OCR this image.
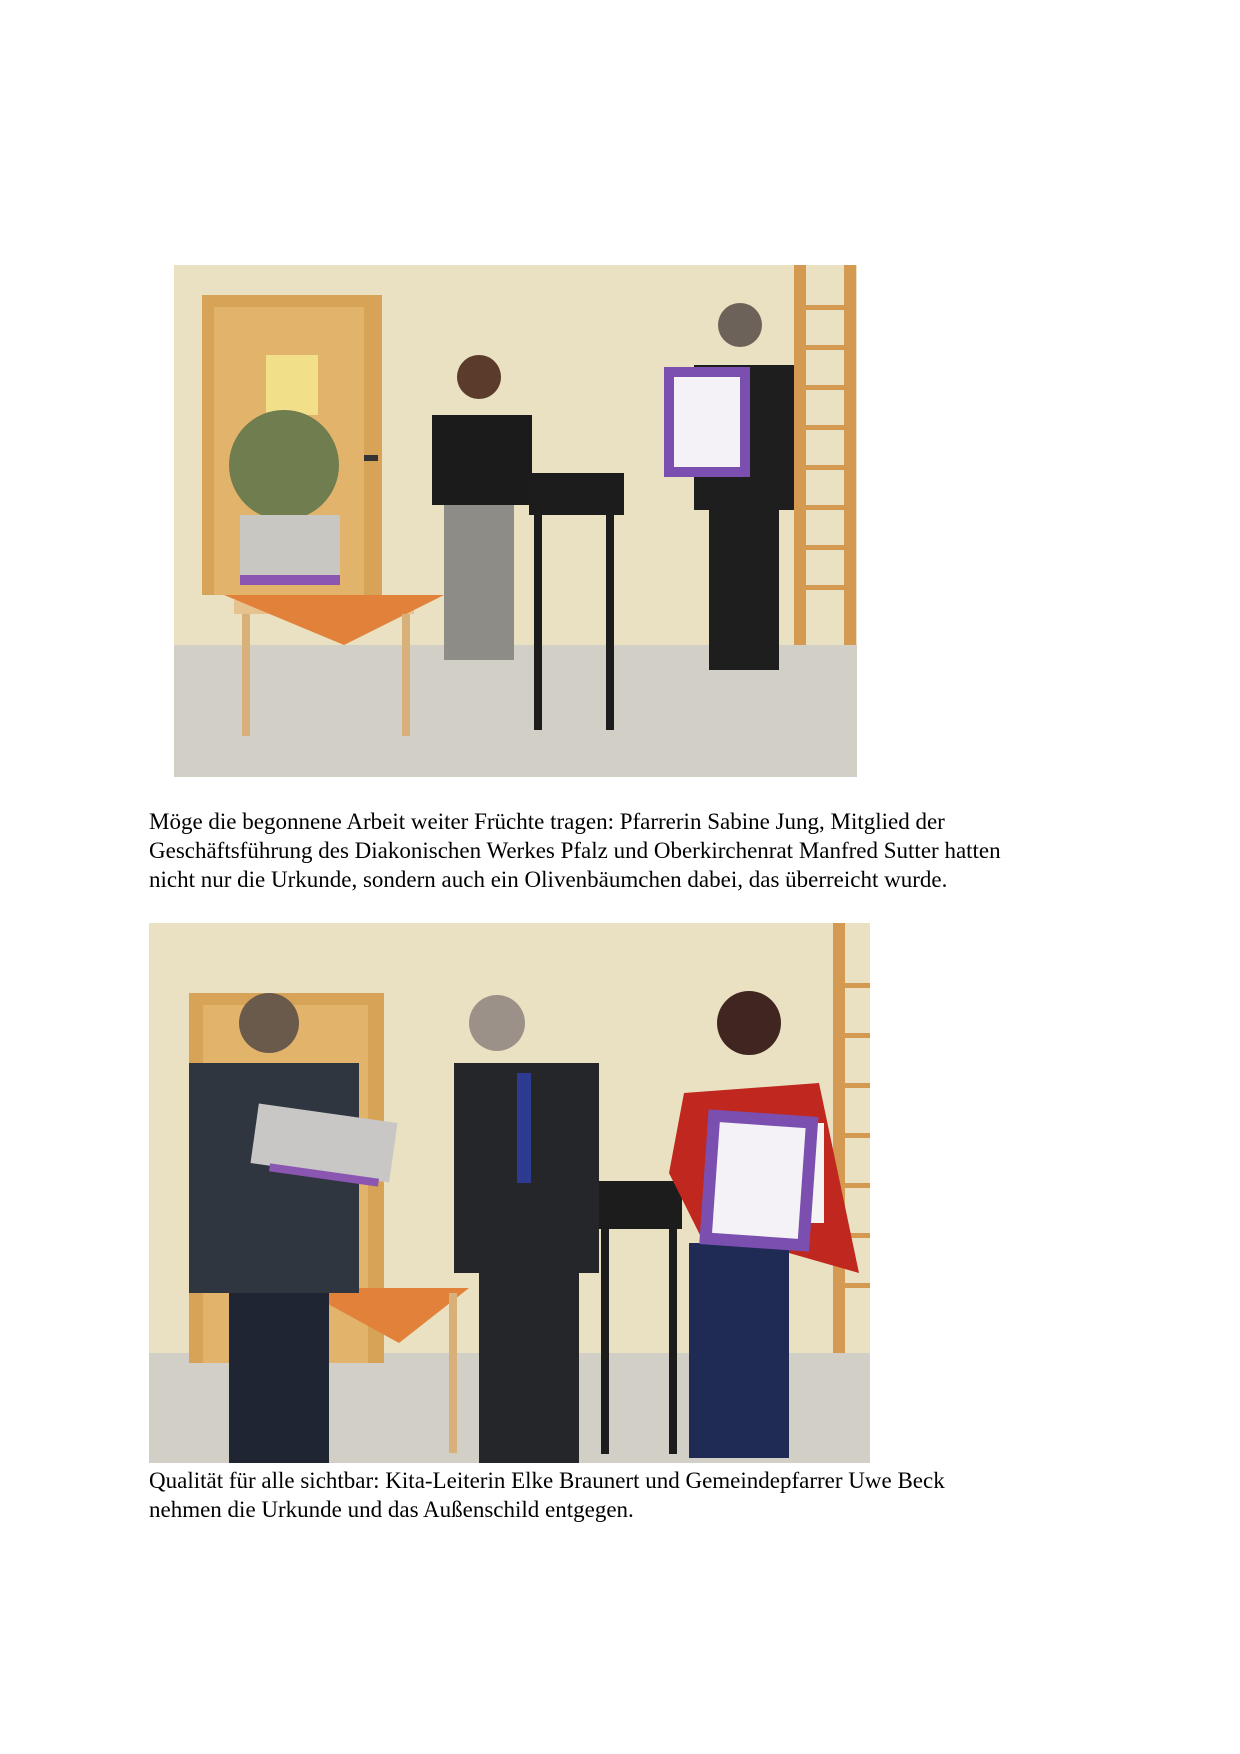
Möge die begonnene Arbeit weiter Früchte tragen: Pfarrerin Sabine Jung, Mitglied der

Geschäftsführung des Diakonischen Werkes Pfalz und Oberkirchenrat Manfred Sutter hatten

nicht nur die Urkunde, sondern auch ein Olivenbäumchen dabei, das überreicht wurde.

Qualität für alle sichtbar: Kita-Leiterin Elke Braunert und Gemeindepfarrer Uwe Beck

nehmen die Urkunde und das Außenschild entgegen.
